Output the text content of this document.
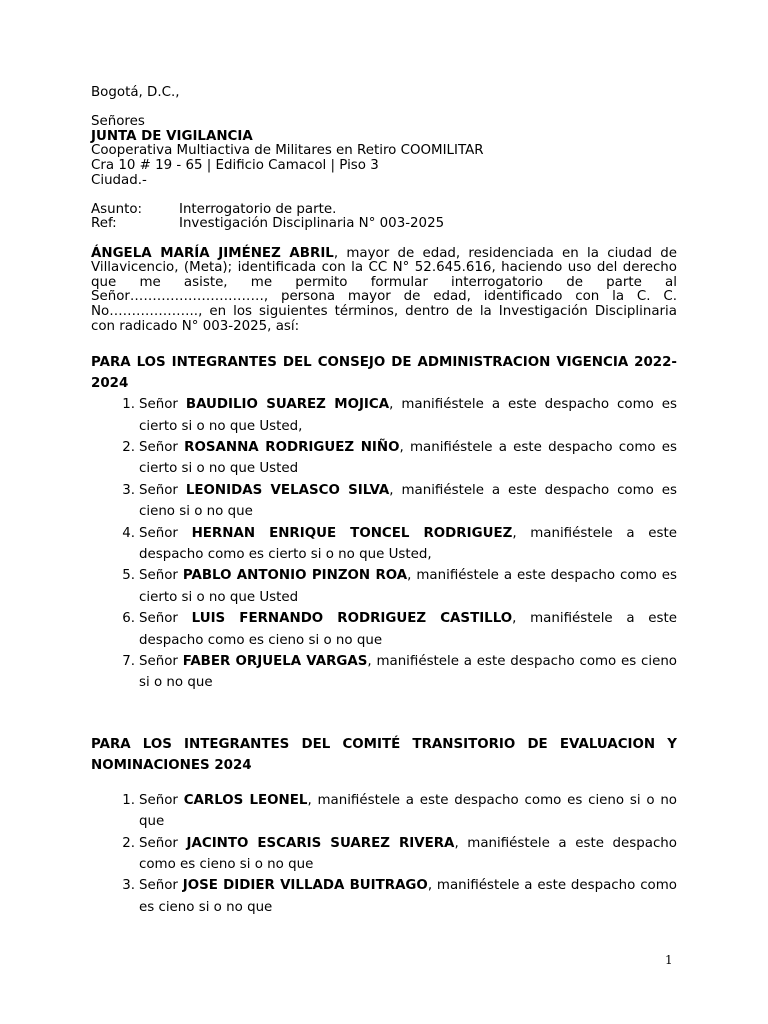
Bogotá, D.C.,
Señores
JUNTA DE VIGILANCIA
Cooperativa Multiactiva de Militares en Retiro COOMILITAR
Cra 10 # 19 - 65 | Edificio Camacol | Piso 3
Ciudad.-
Asunto:	Interrogatorio de parte.
Ref:	Investigación Disciplinaria N° 003-2025

ÁNGELA MARÍA JIMÉNEZ ABRIL, mayor de edad, residenciada en la ciudad de Villavicencio, (Meta); identificada con la CC N° 52.645.616, haciendo uso del derecho que me asiste, me permito formular interrogatorio de parte al Señor…………………………, persona mayor de edad, identificado con la C. C. No……………….., en los siguientes términos, dentro de la Investigación Disciplinaria con radicado N° 003-2025, así:

PARA LOS INTEGRANTES DEL CONSEJO DE ADMINISTRACION VIGENCIA 2022-2024

1. Señor BAUDILIO SUAREZ MOJICA, manifiéstele a este despacho como es cierto si o no que Usted,
2. Señor ROSANNA RODRIGUEZ NIÑO, manifiéstele a este despacho como es cierto si o no que Usted
3. Señor LEONIDAS VELASCO SILVA, manifiéstele a este despacho como es cieno si o no que
4. Señor HERNAN ENRIQUE TONCEL RODRIGUEZ, manifiéstele a este despacho como es cierto si o no que Usted,
5. Señor PABLO ANTONIO PINZON ROA, manifiéstele a este despacho como es cierto si o no que Usted
6. Señor LUIS FERNANDO RODRIGUEZ CASTILLO, manifiéstele a este despacho como es cieno si o no que
7. Señor FABER ORJUELA VARGAS, manifiéstele a este despacho como es cieno si o no que

PARA LOS INTEGRANTES DEL COMITÉ TRANSITORIO DE EVALUACION Y NOMINACIONES 2024

1. Señor CARLOS LEONEL, manifiéstele a este despacho como es cieno si o no que
2. Señor JACINTO ESCARIS SUAREZ RIVERA, manifiéstele a este despacho como es cieno si o no que
3. Señor JOSE DIDIER VILLADA BUITRAGO, manifiéstele a este despacho como es cieno si o no que
1
